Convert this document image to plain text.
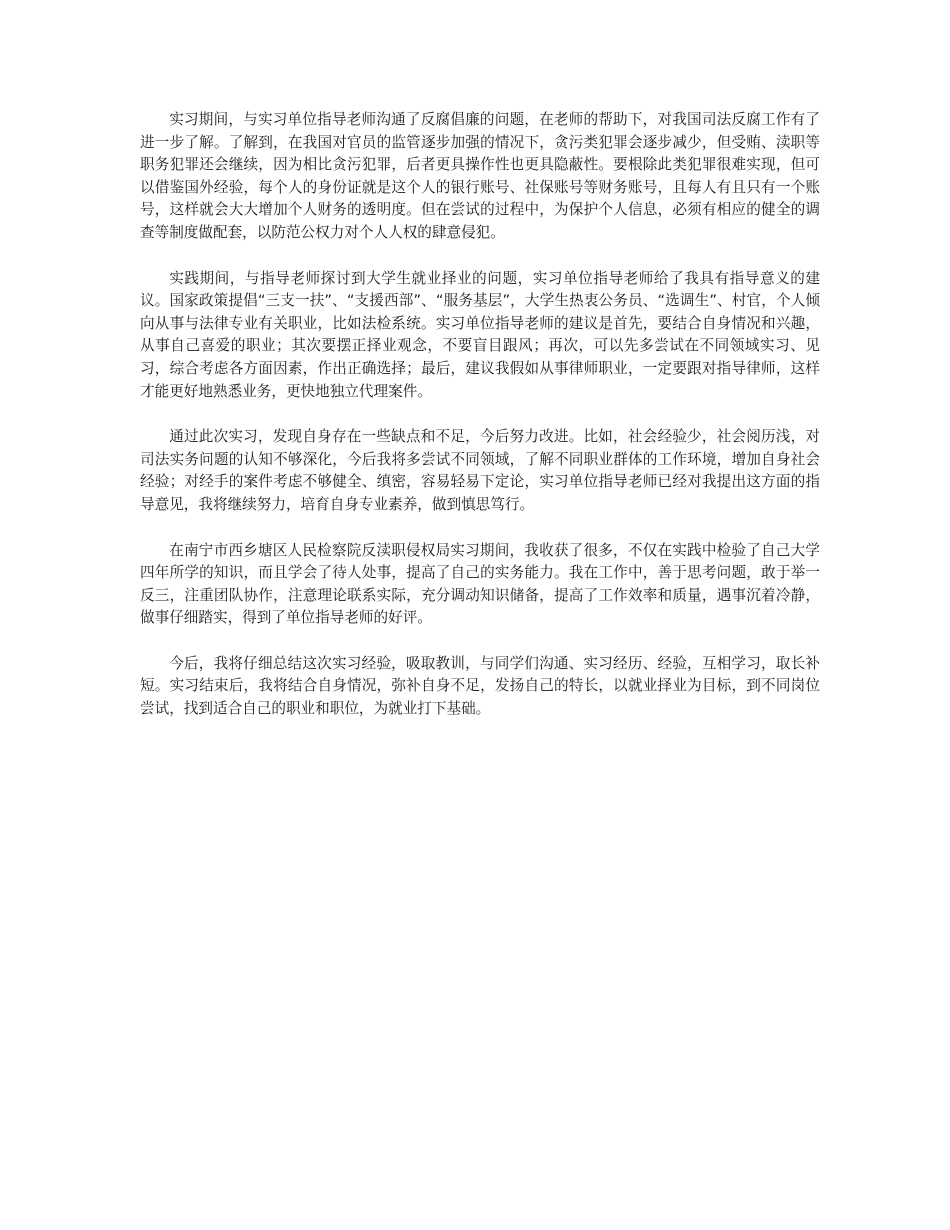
实习期间，与实习单位指导老师沟通了反腐倡廉的问题，在老师的帮助下，对我国司法反腐工作有了进一步了解。了解到，在我国对官员的监管逐步加强的情况下，贪污类犯罪会逐步减少，但受贿、渎职等职务犯罪还会继续，因为相比贪污犯罪，后者更具操作性也更具隐蔽性。要根除此类犯罪很难实现，但可以借鉴国外经验，每个人的身份证就是这个人的银行账号、社保账号等财务账号，且每人有且只有一个账号，这样就会大大增加个人财务的透明度。但在尝试的过程中，为保护个人信息，必须有相应的健全的调查等制度做配套，以防范公权力对个人人权的肆意侵犯。

实践期间，与指导老师探讨到大学生就业择业的问题，实习单位指导老师给了我具有指导意义的建议。国家政策提倡“三支一扶”、“支援西部”、“服务基层”，大学生热衷公务员、“选调生”、村官，个人倾向从事与法律专业有关职业，比如法检系统。实习单位指导老师的建议是首先，要结合自身情况和兴趣，从事自己喜爱的职业；其次要摆正择业观念，不要盲目跟风；再次，可以先多尝试在不同领域实习、见习，综合考虑各方面因素，作出正确选择；最后，建议我假如从事律师职业，一定要跟对指导律师，这样才能更好地熟悉业务，更快地独立代理案件。

通过此次实习，发现自身存在一些缺点和不足，今后努力改进。比如，社会经验少，社会阅历浅，对司法实务问题的认知不够深化，今后我将多尝试不同领域，了解不同职业群体的工作环境，增加自身社会经验；对经手的案件考虑不够健全、缜密，容易轻易下定论，实习单位指导老师已经对我提出这方面的指导意见，我将继续努力，培育自身专业素养，做到慎思笃行。

在南宁市西乡塘区人民检察院反渎职侵权局实习期间，我收获了很多，不仅在实践中检验了自己大学四年所学的知识，而且学会了待人处事，提高了自己的实务能力。我在工作中，善于思考问题，敢于举一反三，注重团队协作，注意理论联系实际，充分调动知识储备，提高了工作效率和质量，遇事沉着冷静，做事仔细踏实，得到了单位指导老师的好评。

今后，我将仔细总结这次实习经验，吸取教训，与同学们沟通、实习经历、经验，互相学习，取长补短。实习结束后，我将结合自身情况，弥补自身不足，发扬自己的特长，以就业择业为目标，到不同岗位尝试，找到适合自己的职业和职位，为就业打下基础。
